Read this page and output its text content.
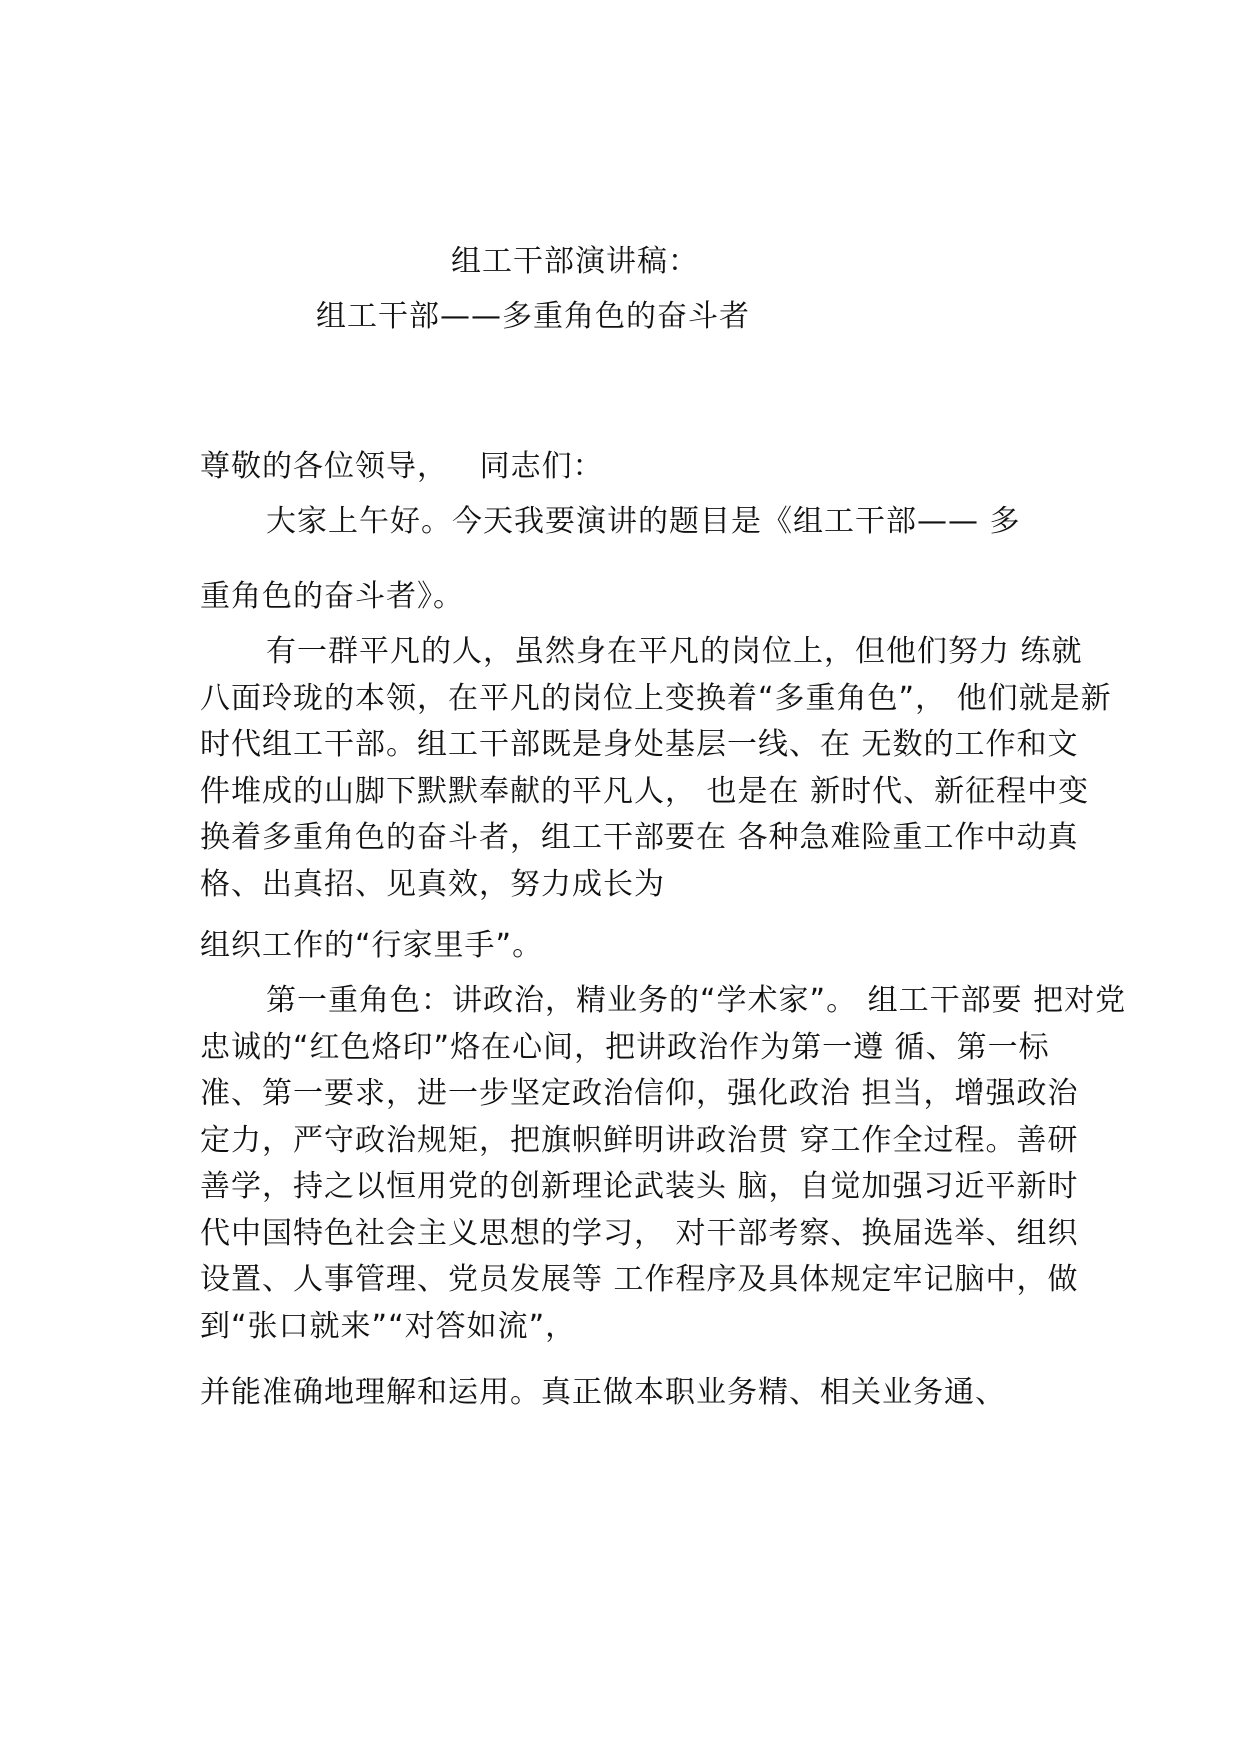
组工干部演讲稿：
组工干部——多重角色的奋斗者
尊敬的各位领导，   同志们：
大家上午好。今天我要演讲的题目是《组工干部—— 多
重角色的奋斗者》。
有一群平凡的人，虽然身在平凡的岗位上，但他们努力 练就
八面玲珑的本领，在平凡的岗位上变换着“多重角色”， 他们就是新
时代组工干部。组工干部既是身处基层一线、在 无数的工作和文
件堆成的山脚下默默奉献的平凡人， 也是在 新时代、新征程中变
换着多重角色的奋斗者，组工干部要在 各种急难险重工作中动真
格、出真招、见真效，努力成长为
组织工作的“行家里手”。
第一重角色：讲政治，精业务的“学术家”。 组工干部要 把对党
忠诚的“红色烙印”烙在心间，把讲政治作为第一遵 循、第一标
准、第一要求，进一步坚定政治信仰，强化政治 担当，增强政治
定力，严守政治规矩，把旗帜鲜明讲政治贯 穿工作全过程。善研
善学，持之以恒用党的创新理论武装头 脑，自觉加强习近平新时
代中国特色社会主义思想的学习， 对干部考察、换届选举、组织
设置、人事管理、党员发展等 工作程序及具体规定牢记脑中，做
到“张口就来”“对答如流”，
并能准确地理解和运用。真正做本职业务精、相关业务通、
